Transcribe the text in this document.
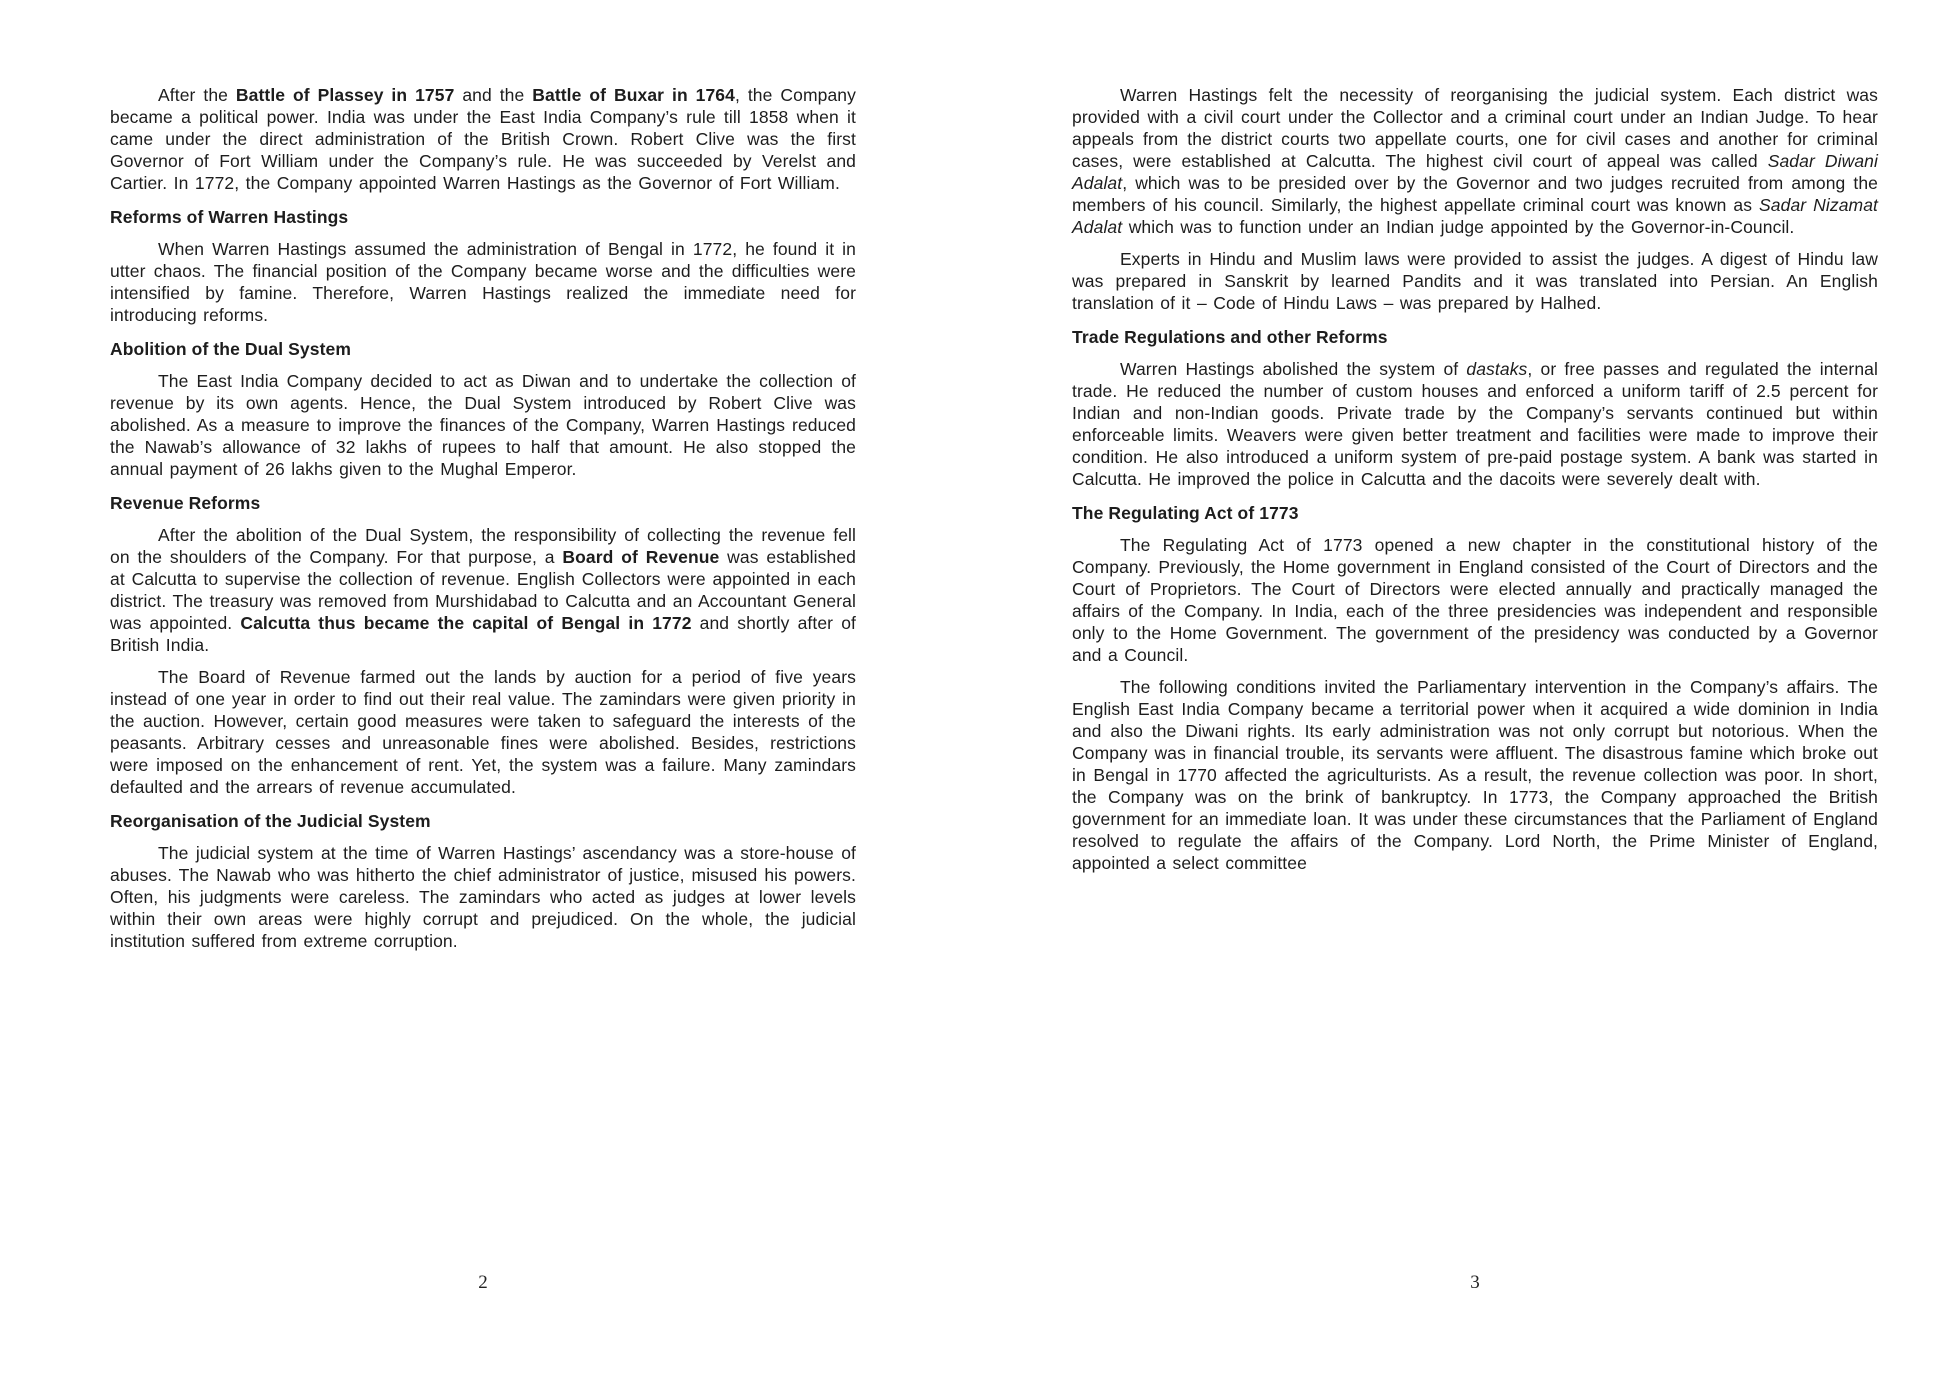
After the Battle of Plassey in 1757 and the Battle of Buxar in 1764, the Company became a political power. India was under the East India Company’s rule till 1858 when it came under the direct administration of the British Crown. Robert Clive was the first Governor of Fort William under the Company’s rule. He was succeeded by Verelst and Cartier. In 1772, the Company appointed Warren Hastings as the Governor of Fort William.

Reforms of Warren Hastings

When Warren Hastings assumed the administration of Bengal in 1772, he found it in utter chaos. The financial position of the Company became worse and the difficulties were intensified by famine. Therefore, Warren Hastings realized the immediate need for introducing reforms.

Abolition of the Dual System

The East India Company decided to act as Diwan and to undertake the collection of revenue by its own agents. Hence, the Dual System introduced by Robert Clive was abolished. As a measure to improve the finances of the Company, Warren Hastings reduced the Nawab’s allowance of 32 lakhs of rupees to half that amount. He also stopped the annual payment of 26 lakhs given to the Mughal Emperor.

Revenue Reforms

After the abolition of the Dual System, the responsibility of collecting the revenue fell on the shoulders of the Company. For that purpose, a Board of Revenue was established at Calcutta to supervise the collection of revenue. English Collectors were appointed in each district. The treasury was removed from Murshidabad to Calcutta and an Accountant General was appointed. Calcutta thus became the capital of Bengal in 1772 and shortly after of British India.

The Board of Revenue farmed out the lands by auction for a period of five years instead of one year in order to find out their real value. The zamindars were given priority in the auction. However, certain good measures were taken to safeguard the interests of the peasants. Arbitrary cesses and unreasonable fines were abolished. Besides, restrictions were imposed on the enhancement of rent. Yet, the system was a failure. Many zamindars defaulted and the arrears of revenue accumulated.

Reorganisation of the Judicial System

The judicial system at the time of Warren Hastings’ ascendancy was a store-house of abuses. The Nawab who was hitherto the chief administrator of justice, misused his powers. Often, his judgments were careless. The zamindars who acted as judges at lower levels within their own areas were highly corrupt and prejudiced. On the whole, the judicial institution suffered from extreme corruption.

2

Warren Hastings felt the necessity of reorganising the judicial system. Each district was provided with a civil court under the Collector and a criminal court under an Indian Judge. To hear appeals from the district courts two appellate courts, one for civil cases and another for criminal cases, were established at Calcutta. The highest civil court of appeal was called Sadar Diwani Adalat, which was to be presided over by the Governor and two judges recruited from among the members of his council. Similarly, the highest appellate criminal court was known as Sadar Nizamat Adalat which was to function under an Indian judge appointed by the Governor-in-Council.

Experts in Hindu and Muslim laws were provided to assist the judges. A digest of Hindu law was prepared in Sanskrit by learned Pandits and it was translated into Persian. An English translation of it – Code of Hindu Laws – was prepared by Halhed.

Trade Regulations and other Reforms

Warren Hastings abolished the system of dastaks, or free passes and regulated the internal trade. He reduced the number of custom houses and enforced a uniform tariff of 2.5 percent for Indian and non-Indian goods. Private trade by the Company’s servants continued but within enforceable limits. Weavers were given better treatment and facilities were made to improve their condition. He also introduced a uniform system of pre-paid postage system. A bank was started in Calcutta. He improved the police in Calcutta and the dacoits were severely dealt with.

The Regulating Act of 1773

The Regulating Act of 1773 opened a new chapter in the constitutional history of the Company. Previously, the Home government in England consisted of the Court of Directors and the Court of Proprietors. The Court of Directors were elected annually and practically managed the affairs of the Company. In India, each of the three presidencies was independent and responsible only to the Home Government. The government of the presidency was conducted by a Governor and a Council.

The following conditions invited the Parliamentary intervention in the Company’s affairs. The English East India Company became a territorial power when it acquired a wide dominion in India and also the Diwani rights. Its early administration was not only corrupt but notorious. When the Company was in financial trouble, its servants were affluent. The disastrous famine which broke out in Bengal in 1770 affected the agriculturists. As a result, the revenue collection was poor. In short, the Company was on the brink of bankruptcy. In 1773, the Company approached the British government for an immediate loan. It was under these circumstances that the Parliament of England resolved to regulate the affairs of the Company. Lord North, the Prime Minister of England, appointed a select committee

3
